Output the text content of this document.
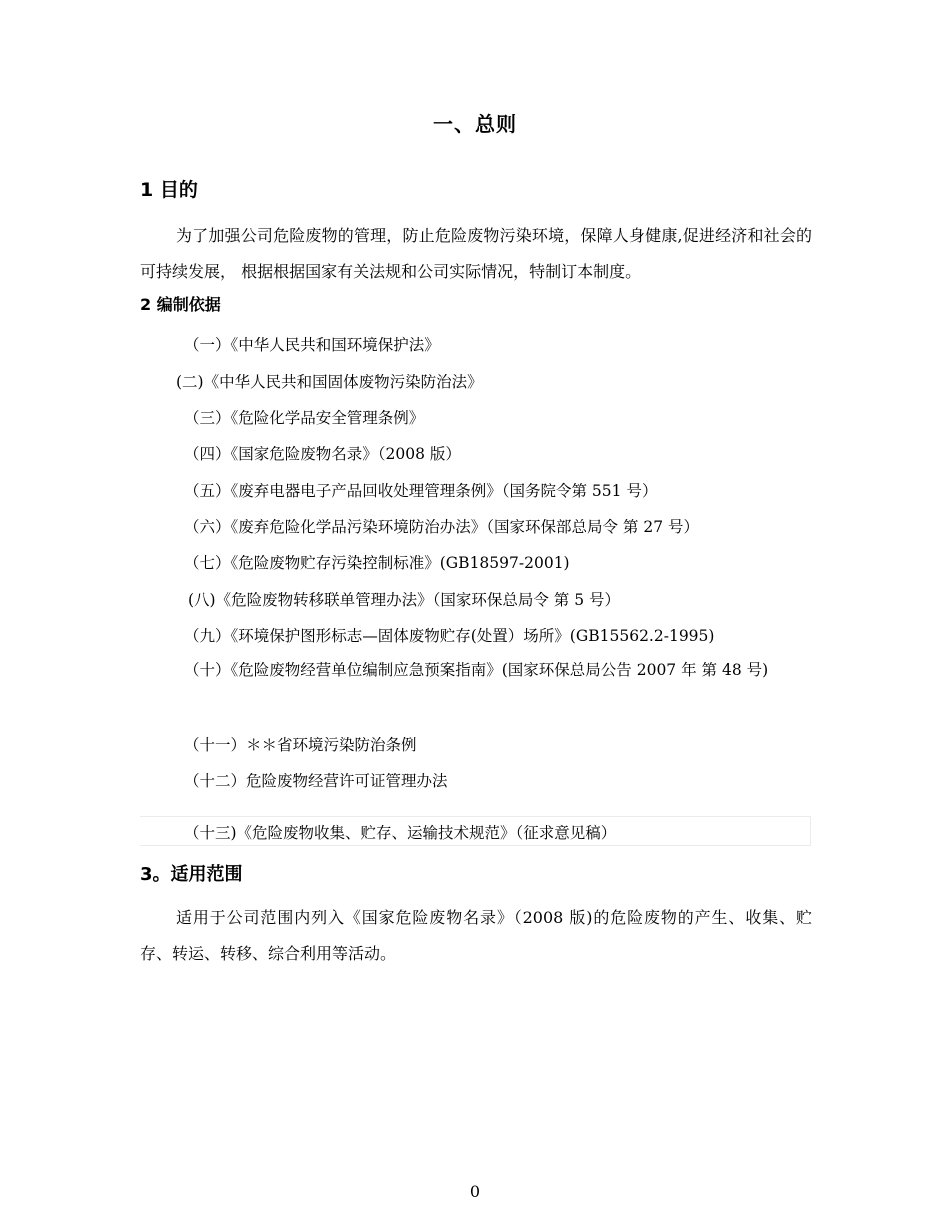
一、总则
1 目的
为了加强公司危险废物的管理，防止危险废物污染环境，保障人身健康,促进经济和社会的可持续发展， 根据根据国家有关法规和公司实际情况，特制订本制度。
2 编制依据
（一）《中华人民共和国环境保护法》
(二)《中华人民共和国固体废物污染防治法》
（三）《危险化学品安全管理条例》
（四）《国家危险废物名录》（2008 版）
（五）《废弃电器电子产品回收处理管理条例》（国务院令第 551 号）
（六）《废弃危险化学品污染环境防治办法》（国家环保部总局令 第 27 号）
（七）《危险废物贮存污染控制标准》(GB18597-2001)
(八)《危险废物转移联单管理办法》（国家环保总局令 第 5 号）
（九）《环境保护图形标志—固体废物贮存(处置）场所》(GB15562.2-1995)
（十）《危险废物经营单位编制应急预案指南》(国家环保总局公告 2007 年 第 48 号)
（十一）＊＊省环境污染防治条例
（十二）危险废物经营许可证管理办法
（十三)《危险废物收集、贮存、运输技术规范》（征求意见稿）
3。适用范围
适用于公司范围内列入《国家危险废物名录》（2008 版)的危险废物的产生、收集、贮存、转运、转移、综合利用等活动。
0
